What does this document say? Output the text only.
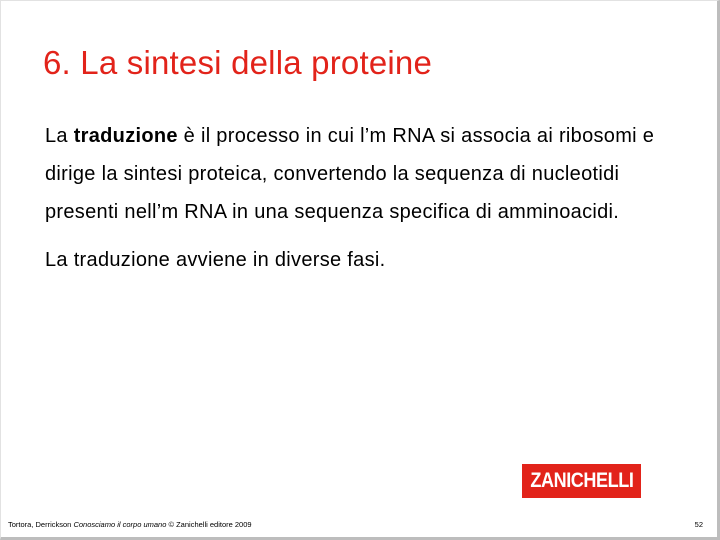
6. La sintesi della proteine

La traduzione è il processo in cui l’m RNA si associa ai ribosomi e dirige la sintesi proteica, convertendo la sequenza di nucleotidi presenti nell’m RNA in una sequenza specifica di amminoacidi.

La traduzione avviene in diverse fasi.

ZANICHELLI
Tortora, Derrickson Conosciamo il corpo umano © Zanichelli editore 2009	52
